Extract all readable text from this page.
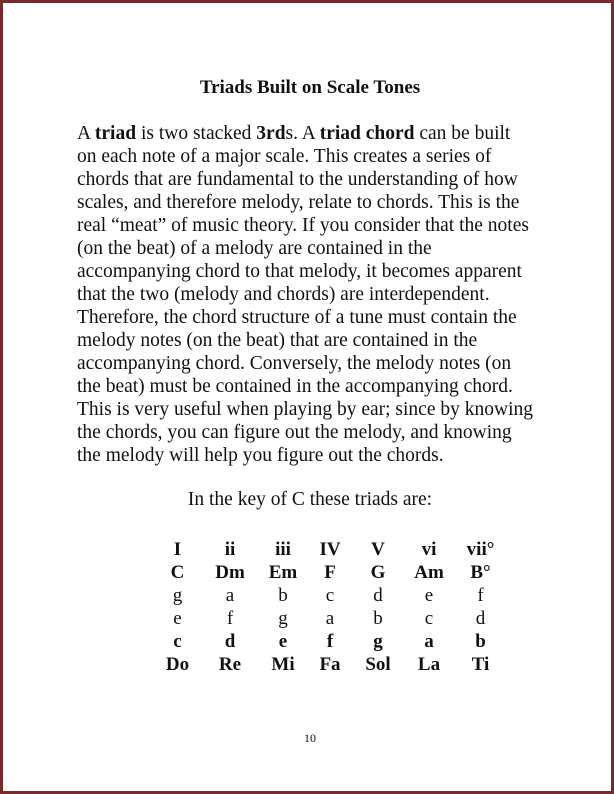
Triads Built on Scale Tones
A triad is two stacked 3rds. A triad chord can be built
on each note of a major scale. This creates a series of
chords that are fundamental to the understanding of how
scales, and therefore melody, relate to chords. This is the
real “meat” of music theory. If you consider that the notes
(on the beat) of a melody are contained in the
accompanying chord to that melody, it becomes apparent
that the two (melody and chords) are interdependent.
Therefore, the chord structure of a tune must contain the
melody notes (on the beat) that are contained in the
accompanying chord. Conversely, the melody notes (on
the beat) must be contained in the accompanying chord.
This is very useful when playing by ear; since by knowing
the chords, you can figure out the melody, and knowing
the melody will help you figure out the chords.
In the key of C these triads are:
I	ii	iii	IV	V	vi	vii°
C	Dm	Em	F	G	Am	B°
g	a	b	c	d	e	f
e	f	g	a	b	c	d
c	d	e	f	g	a	b
Do	Re	Mi	Fa	Sol	La	Ti
10
